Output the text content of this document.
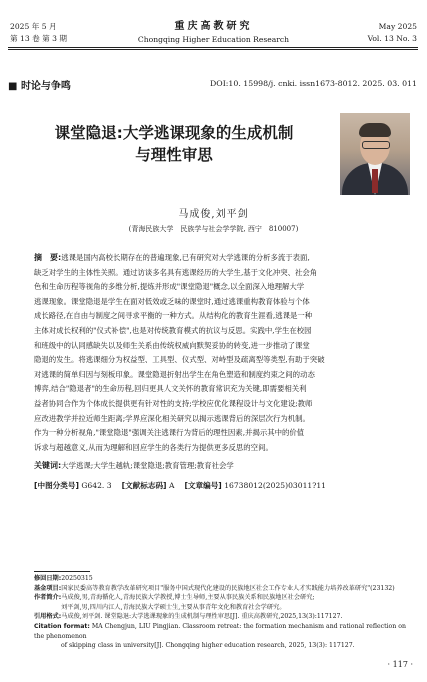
2025 年 5 月
第 13 卷 第 3 期
重庆高教研究
Chongqing Higher Education Research
May 2025
Vol. 13 No. 3
■ 时论与争鸣	DOI:10. 15998/j. cnki. issn1673-8012. 2025. 03. 011
课堂隐退:大学逃课现象的生成机制
与理性审思
马成俊,刘平剑
(青海民族大学　民族学与社会学学院, 西宁　810007)
摘　要:逃课是国内高校长期存在的普遍现象,已有研究对大学逃课的分析多流于表面,
缺乏对学生的主体性关照。通过访谈多名具有逃课经历的大学生,基于文化冲突、社会角
色和生命历程等视角的多维分析,提炼并形成"课堂隐退"概念,以全面深入地理解大学
逃课现象。课堂隐退是学生在面对低效或乏味的课堂时,通过逃课重构教育体验与个体
成长路径,在自由与制度之间寻求平衡的一种方式。从结构化的教育生涯看,逃课是一种
主体对成长权利的"仪式补偿",也是对传统教育模式的抗议与反思。实践中,学生在校园
和班级中的认同感缺失以及师生关系由传统权威向默契妥协的转变,进一步推动了课堂
隐退的发生。将逃课细分为权益型、工具型、仪式型、对峙型及疏离型等类型,有助于突破
对逃课的简单归因与刻板印象。课堂隐退折射出学生在角色塑造和制度约束之间的动态
博弈,结合"隐退者"的生命历程,回归更具人文关怀的教育常识充为关键,即需要相关利
益者协同合作为个体成长提供更有针对性的支持;学校应优化课程设计与文化建设;教师
应改进教学并拉近师生距离;学界应深化相关研究以揭示逃课背后的深层次行为机制。
作为一种分析视角,"课堂隐退"强调关注逃课行为背后的理性因素,并揭示其中的价值
诉求与超越意义,从而为理解和回应学生的各类行为提供更多反思的空间。
关键词:大学逃课;大学生越轨;课堂隐退;教育管理;教育社会学
[中图分类号] G642. 3　 [文献标志码] A　 [文章编号] 16738012(2025)03011?11
修回日期:20250315
基金项目:国家民委高等教育教学改革研究项目"服务中国式现代化建设的民族地区社会工作专业人才实践能力培养改革研究"(23132)
作者简介:马成俊,男,青海循化人,青海民族大学教授,博士生导师,主要从事民族关系和民族地区社会研究;
刘平剑,男,四川内江人,青海民族大学硕士生,主要从事青年文化和教育社会学研究。
引用格式:马成俊,刘平剑. 课堂隐退:大学逃课现象的生成机制与理性审思[J]. 重庆高教研究,2025,13(3):117127.
Citation format: MA Chengjun, LIU Pingjian. Classroom retreat: the formation mechanism and rational reflection on the phenomenon
of skipping class in university[J]. Chongqing higher education research, 2025, 13(3): 117127.
· 117 ·
